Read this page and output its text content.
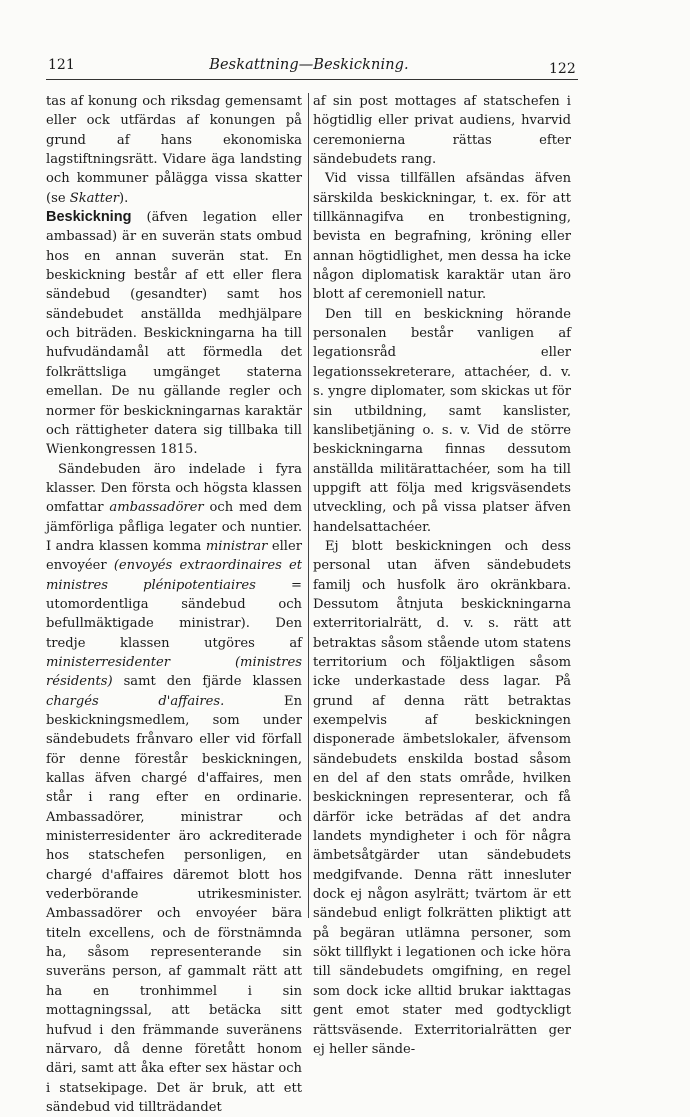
121	Beskattning—Beskickning.	122

tas af konung och riksdag gemensamt eller ock utfärdas af konungen på grund af hans ekonomiska lagstiftningsrätt. Vidare äga landsting och kommuner pålägga vissa skatter (se Skatter).

Beskickning (äfven legation eller ambassad) är en suverän stats ombud hos en annan suverän stat. En beskickning består af ett eller flera sändebud (gesandter) samt hos sändebudet anställda medhjälpare och biträden. Beskickningarna ha till hufvudändamål att förmedla det folkrättsliga umgänget staterna emellan. De nu gällande regler och normer för beskickningarnas karaktär och rättigheter datera sig tillbaka till Wienkongressen 1815.

Sändebuden äro indelade i fyra klasser. Den första och högsta klassen omfattar ambassadörer och med dem jämförliga påfliga legater och nuntier. I andra klassen komma ministrar eller envoyéer (envoyés extraordinaires et ministres plénipotentiaires = utomordentliga sändebud och befullmäktigade ministrar). Den tredje klassen utgöres af ministerresidenter (ministres résidents) samt den fjärde klassen chargés d'affaires. En beskickningsmedlem, som under sändebudets frånvaro eller vid förfall för denne förestår beskickningen, kallas äfven chargé d'affaires, men står i rang efter en ordinarie. Ambassadörer, ministrar och ministerresidenter äro ackrediterade hos statschefen personligen, en chargé d'affaires däremot blott hos vederbörande utrikesminister. Ambassadörer och envoyéer bära titeln excellens, och de förstnämnda ha, såsom representerande sin suveräns person, af gammalt rätt att ha en tronhimmel i sin mottagningssal, att betäcka sitt hufvud i den främmande suveränens närvaro, då denne företått honom däri, samt att åka efter sex hästar och i statsekipage. Det är bruk, att ett sändebud vid tillträdandet

af sin post mottages af statschefen i högtidlig eller privat audiens, hvarvid ceremonierna rättas efter sändebudets rang.

Vid vissa tillfällen afsändas äfven särskilda beskickningar, t. ex. för att tillkännagifva en tronbestigning, bevista en begrafning, kröning eller annan högtidlighet, men dessa ha icke någon diplomatisk karaktär utan äro blott af ceremoniell natur.

Den till en beskickning hörande personalen består vanligen af legationsråd eller legationssekreterare, attachéer, d. v. s. yngre diplomater, som skickas ut för sin utbildning, samt kanslister, kanslibetjäning o. s. v. Vid de större beskickningarna finnas dessutom anställda militärattachéer, som ha till uppgift att följa med krigsväsendets utveckling, och på vissa platser äfven handelsattachéer.

Ej blott beskickningen och dess personal utan äfven sändebudets familj och husfolk äro okränkbara. Dessutom åtnjuta beskickningarna exterritorialrätt, d. v. s. rätt att betraktas såsom stående utom statens territorium och följaktligen såsom icke underkastade dess lagar. På grund af denna rätt betraktas exempelvis af beskickningen disponerade ämbetslokaler, äfvensom sändebudets enskilda bostad såsom en del af den stats område, hvilken beskickningen representerar, och få därför icke beträdas af det andra landets myndigheter i och för några ämbetsåtgärder utan sändebudets medgifvande. Denna rätt innesluter dock ej någon asylrätt; tvärtom är ett sändebud enligt folkrätten pliktigt att på begäran utlämna personer, som sökt tillflykt i legationen och icke höra till sändebudets omgifning, en regel som dock icke alltid brukar iakttagas gent emot stater med godtyckligt rättsväsende. Exterritorialrätten ger ej heller sände-
